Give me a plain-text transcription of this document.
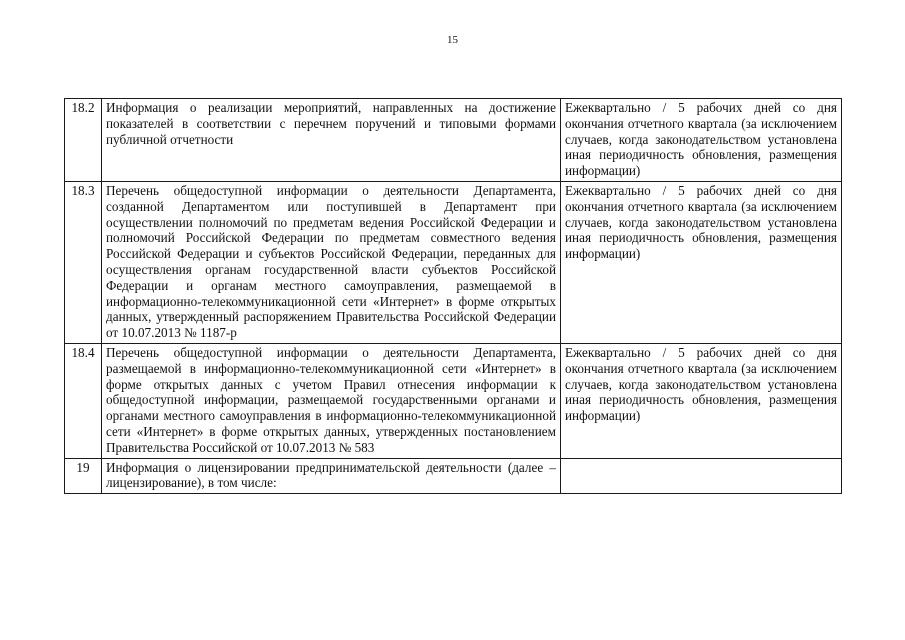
15
18.2	Информация о реализации мероприятий, направленных на достижение показателей в соответствии с перечнем поручений и типовыми формами публичной отчетности	Ежеквартально / 5 рабочих дней со дня окончания отчетного квартала (за исключением случаев, когда законодательством установлена иная периодичность обновления, размещения информации)

18.3	Перечень общедоступной информации о деятельности Департамента, созданной Департаментом или поступившей в Департамент при осуществлении полномочий по предметам ведения Российской Федерации и полномочий Российской Федерации по предметам совместного ведения Российской Федерации и субъектов Российской Федерации, переданных для осуществления органам государственной власти субъектов Российской Федерации и органам местного самоуправления, размещаемой в информационно-телекоммуникационной сети «Интернет» в форме открытых данных, утвержденный распоряжением Правительства Российской Федерации от 10.07.2013 № 1187-р	Ежеквартально / 5 рабочих дней со дня окончания отчетного квартала (за исключением случаев, когда законодательством установлена иная периодичность обновления, размещения информации)

18.4	Перечень общедоступной информации о деятельности Департамента, размещаемой в информационно-телекоммуникационной сети «Интернет» в форме открытых данных с учетом Правил отнесения информации к общедоступной информации, размещаемой государственными органами и органами местного самоуправления в информационно-телекоммуникационной сети «Интернет» в форме открытых данных, утвержденных постановлением Правительства Российской от 10.07.2013 № 583	Ежеквартально / 5 рабочих дней со дня окончания отчетного квартала (за исключением случаев, когда законодательством установлена иная периодичность обновления, размещения информации)

19	Информация о лицензировании предпринимательской деятельности (далее – лицензирование), в том числе:	
